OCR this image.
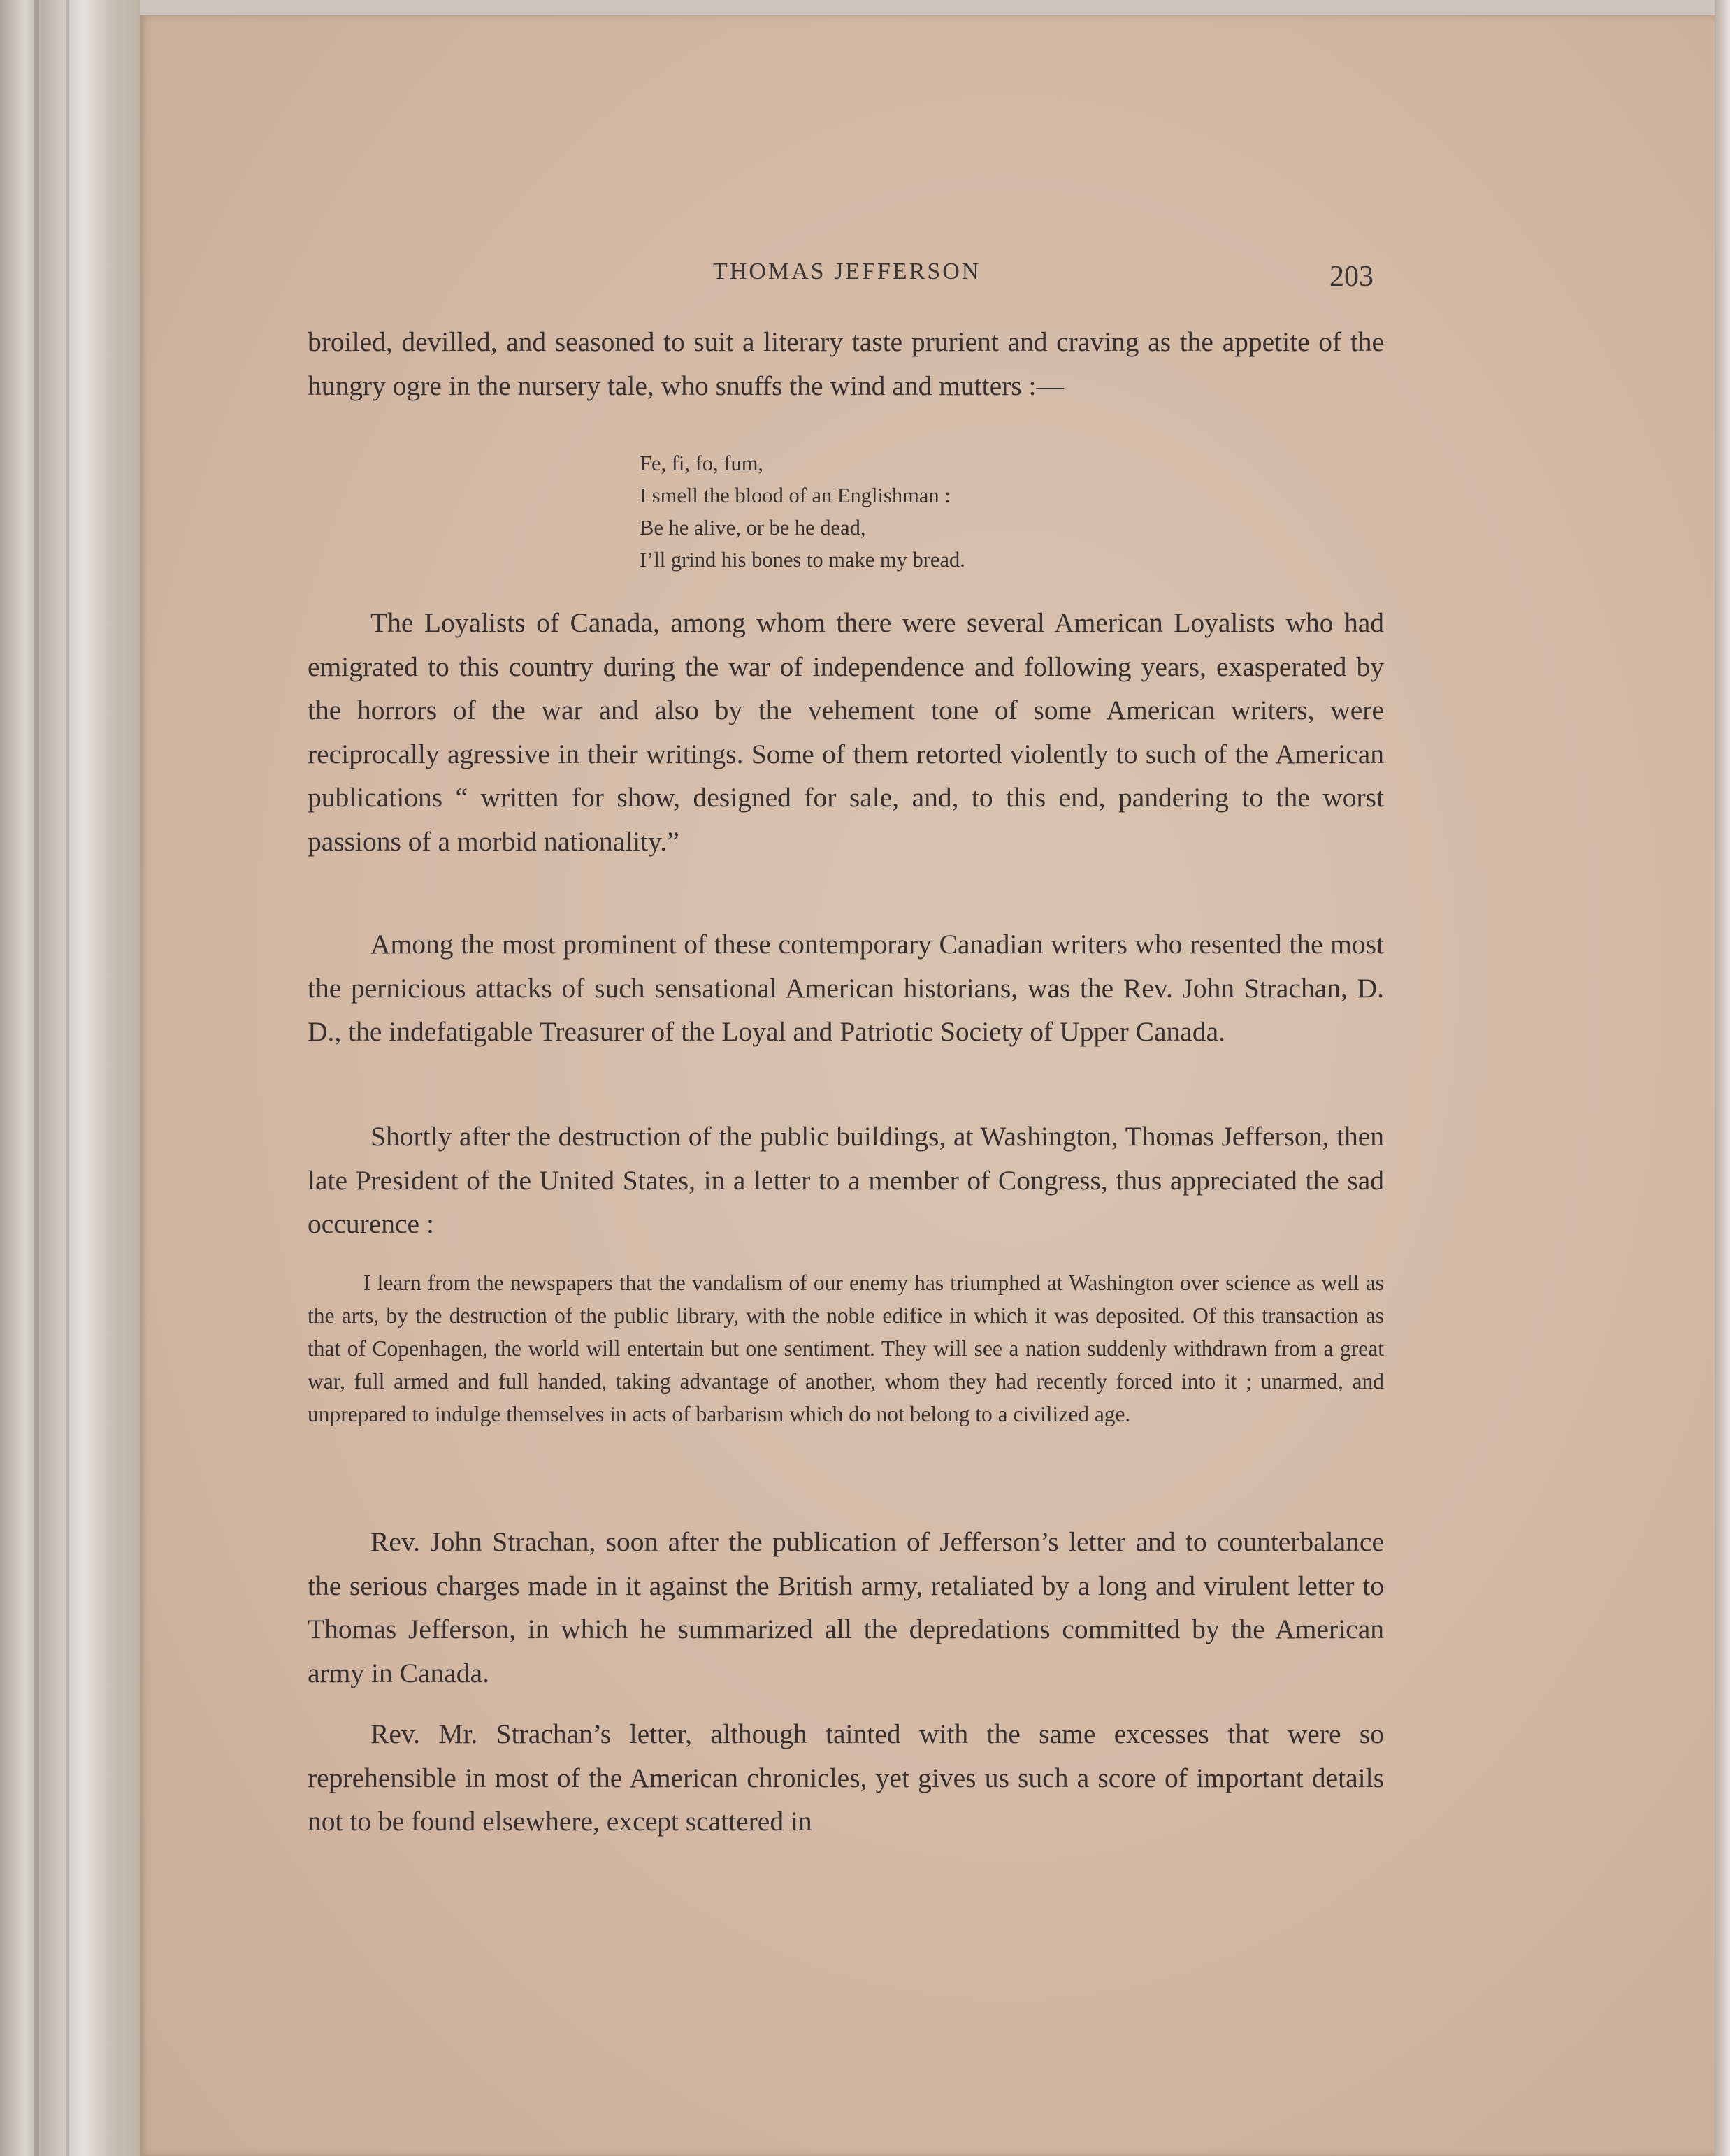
THOMAS JEFFERSON	203

broiled, devilled, and seasoned to suit a literary taste prurient and craving as the appetite of the hungry ogre in the nursery tale, who snuffs the wind and mutters :—

Fe, fi, fo, fum,
I smell the blood of an Englishman :
Be he alive, or be he dead,
I’ll grind his bones to make my bread.

The Loyalists of Canada, among whom there were several American Loyalists who had emigrated to this country during the war of independence and following years, exasperated by the horrors of the war and also by the vehement tone of some American writers, were reciprocally agressive in their writings. Some of them retorted violently to such of the American publications “ written for show, designed for sale, and, to this end, pandering to the worst passions of a morbid nationality.”

Among the most prominent of these contemporary Canadian writers who resented the most the pernicious attacks of such sensational American historians, was the Rev. John Strachan, D. D., the indefatigable Treasurer of the Loyal and Patriotic Society of Upper Canada.

Shortly after the destruction of the public buildings, at Washington, Thomas Jefferson, then late President of the United States, in a letter to a member of Congress, thus appreciated the sad occurence :

I learn from the newspapers that the vandalism of our enemy has triumphed at Washington over science as well as the arts, by the destruction of the public library, with the noble edifice in which it was deposited. Of this transaction as that of Copenhagen, the world will entertain but one sentiment. They will see a nation suddenly withdrawn from a great war, full armed and full handed, taking advantage of another, whom they had recently forced into it ; unarmed, and unprepared to indulge themselves in acts of barbarism which do not belong to a civilized age.

Rev. John Strachan, soon after the publication of Jefferson’s letter and to counterbalance the serious charges made in it against the British army, retaliated by a long and virulent letter to Thomas Jefferson, in which he summarized all the depredations committed by the American army in Canada.

Rev. Mr. Strachan’s letter, although tainted with the same excesses that were so reprehensible in most of the American chronicles, yet gives us such a score of important details not to be found elsewhere, except scattered in
